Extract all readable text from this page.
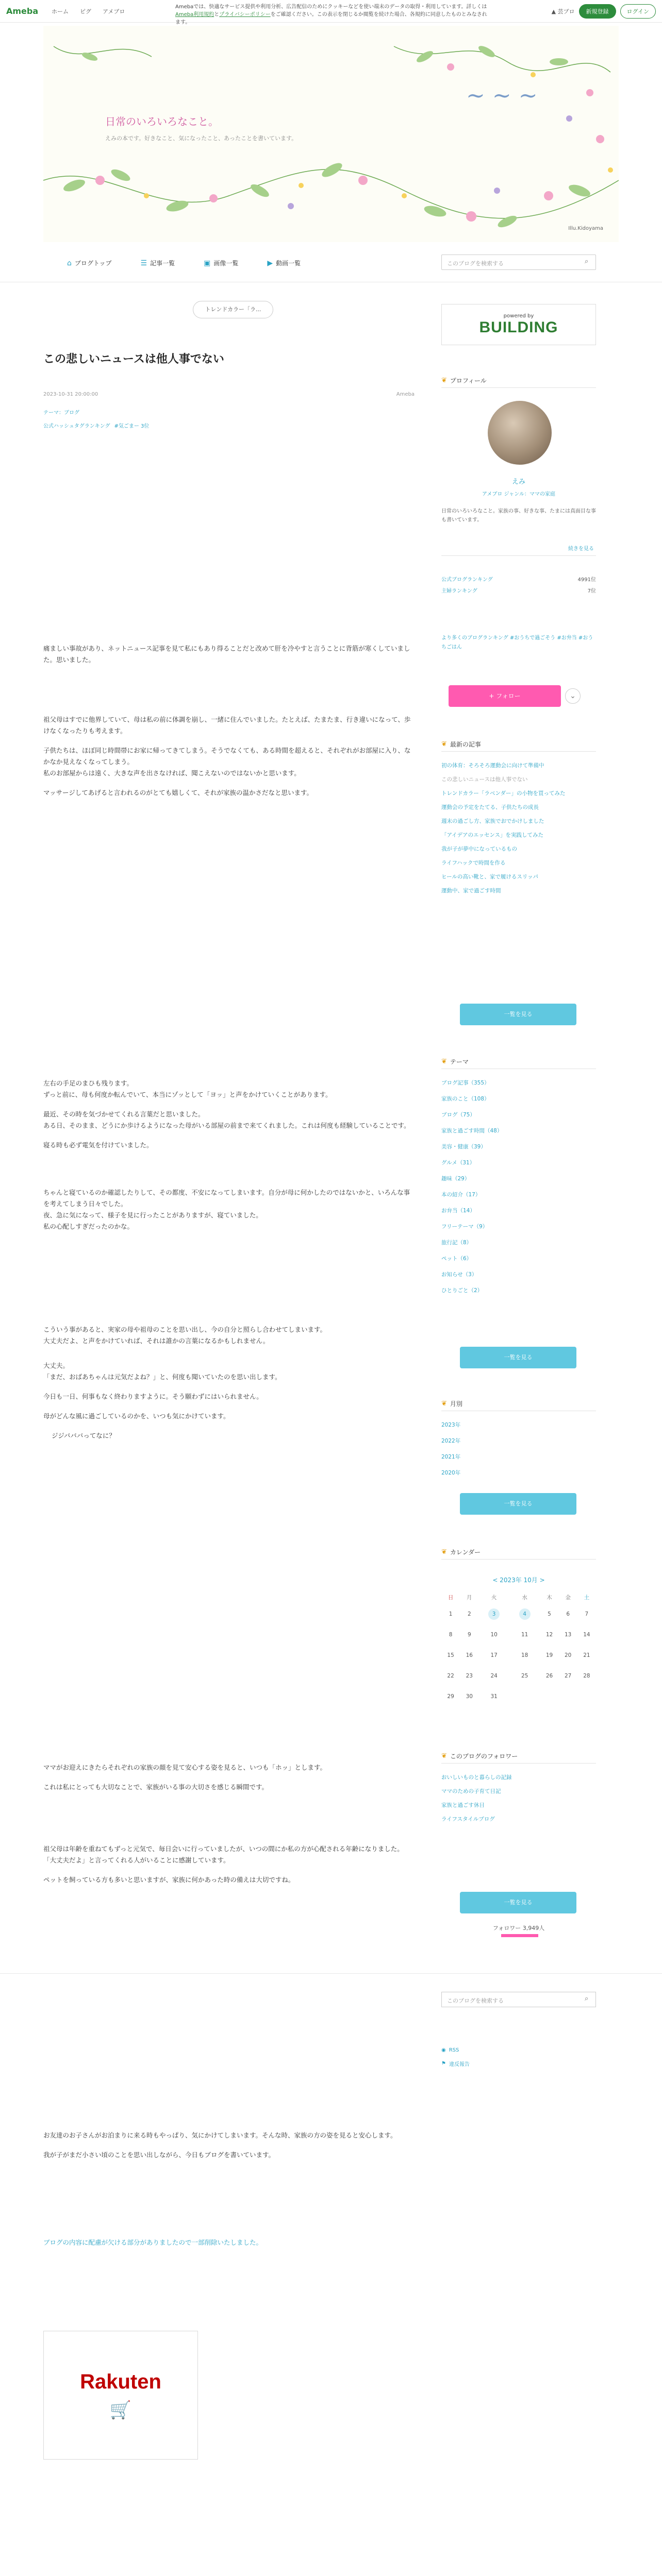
Ameba ホーム ピグ アメブロ
Amebaでは、快適なサービス提供や利用分析、広告配信のためにクッキーなどを使い端末のデータの取得・利用しています。詳しくはAmeba利用規約とプライバシーポリシーをご確認ください。この表示を閉じるか閲覧を続けた場合、各規約に同意したものとみなされます。
▲ 芸ブロ	新規登録	ログイン
~ ~ ~
日常のいろいろなこと。
えみの本です。好きなこと、気になったこと、あったことを書いています。
Illu.Kidoyama
⌂ ブログトップ	☰ 記事一覧	▣ 画像一覧	▶ 動画一覧	このブログを検索する	⌕
トレンドカラー「ラ...
この悲しいニュースは他人事でない
2023-10-31 20:00:00	Ameba
テーマ：ブログ
公式ハッシュタグランキング #気ごまー 3位

痛ましい事故があり、ネットニュース記事を見て私にもあり得ることだと改めて肝を冷やすと言うことに背筋が寒くしていました。思いました。

祖父母はすでに他界していて、母は私の前に体調を崩し、一緒に住んでいました。たとえば、たまたま、行き違いになって、歩けなくなったりも考えます。

子供たちは、ほぼ同じ時間帯にお家に帰ってきてしまう。そうでなくても、ある時間を超えると、それぞれがお部屋に入り、なかなか見えなくなってしまう。

私のお部屋からは遠く、大きな声を出さなければ、聞こえないのではないかと思います。

マッサージしてあげると言われるのがとても嬉しくて、それが家族の温かさだなと思います。

左右の手足のまひも残ります。

ずっと前に、母も何度か転んでいて、本当にゾッとして「ヨッ」と声をかけていくことがあります。

最近、その時を気づかせてくれる言葉だと思いました。

ある日、そのまま、どうにか歩けるようになった母がいる部屋の前まで来てくれました。これは何度も経験していることです。

寝る時も必ず電気を付けていました。

ちゃんと寝ているのか確認したりして、その都度、不安になってしまいます。自分が母に何かしたのではないかと、いろんな事を考えてしまう日々でした。

夜、急に気になって、様子を見に行ったことがありますが、寝ていました。

私の心配しすぎだったのかな。

こういう事があると、実家の母や祖母のことを思い出し、今の自分と照らし合わせてしまいます。

大丈夫だよ、と声をかけていれば、それは誰かの言葉になるかもしれません。

大丈夫。

「まだ、おばあちゃんは元気だよね？」と、何度も聞いていたのを思い出します。

今日も一日、何事もなく終わりますように。そう願わずにはいられません。

母がどんな風に過ごしているのかを、いつも気にかけています。

ジジバババってなに？

ママがお迎えにきたらそれぞれの家族の顔を見て安心する姿を見ると、いつも「ホッ」とします。

これは私にとっても大切なことで、家族がいる事の大切さを感じる瞬間です。

祖父母は年齢を重ねてもずっと元気で、毎日会いに行っていましたが、いつの間にか私の方が心配される年齢になりました。

「大丈夫だよ」と言ってくれる人がいることに感謝しています。

ペットを飼っている方も多いと思いますが、家族に何かあった時の備えは大切ですね。

お友達のお子さんがお泊まりに来る時もやっぱり、気にかけてしまいます。そんな時、家族の方の姿を見ると安心します。

我が子がまだ小さい頃のことを思い出しながら、今日もブログを書いています。

ブログの内容に配慮が欠ける部分がありましたので一部削除いたしました。

Rakuten
🛒
powered by
BUILDING
❦ プロフィール
えみ
アメブロ ジャンル：ママの家庭
日常のいろいろなこと。家族の事、好きな事、たまには真面目な事も書いています。
続きを見る
公式ブログランキング	4991位
主婦ランキング	7位
より多くのブログランキング #おうちで過ごそう #お弁当 #おうちごはん
+ フォロー	⌄
❦ 最新の記事
初の体育：そろそろ運動会に向けて準備中
この悲しいニュースは他人事でない
トレンドカラー「ラベンダー」の小物を買ってみた
運動会の予定をたてる、子供たちの成長
週末の過ごし方、家族でおでかけしました
「アイデアのエッセンス」を実践してみた
我が子が夢中になっているもの
ライフハックで時間を作る
ヒールの高い靴と、家で履けるスリッパ
運動中、家で過ごす時間
一覧を見る
❦ テーマ
ブログ記事（355）
家族のこと（108）
ブログ（75）
家族と過ごす時間（48）
美容・健康（39）
グルメ（31）
趣味（29）
本の紹介（17）
お弁当（14）
フリーテーマ（9）
旅行記（8）
ペット（6）
お知らせ（3）
ひとりごと（2）
一覧を見る
❦ 月別
2023年
2022年
2021年
2020年
一覧を見る
❦ カレンダー
< 2023年 10月 >
日	月	火	水	木	金	土
1	2	3	4	5	6	7
8	9	10	11	12	13	14
15	16	17	18	19	20	21
22	23	24	25	26	27	28
29	30	31				
❦ このブログのフォロワー
おいしいものと暮らしの記録
ママのための子育て日記
家族と過ごす休日
ライフスタイルブログ
一覧を見る
フォロワー 3,949人
このブログを検索する	⌕
◉ RSS
⚑ 違反報告
